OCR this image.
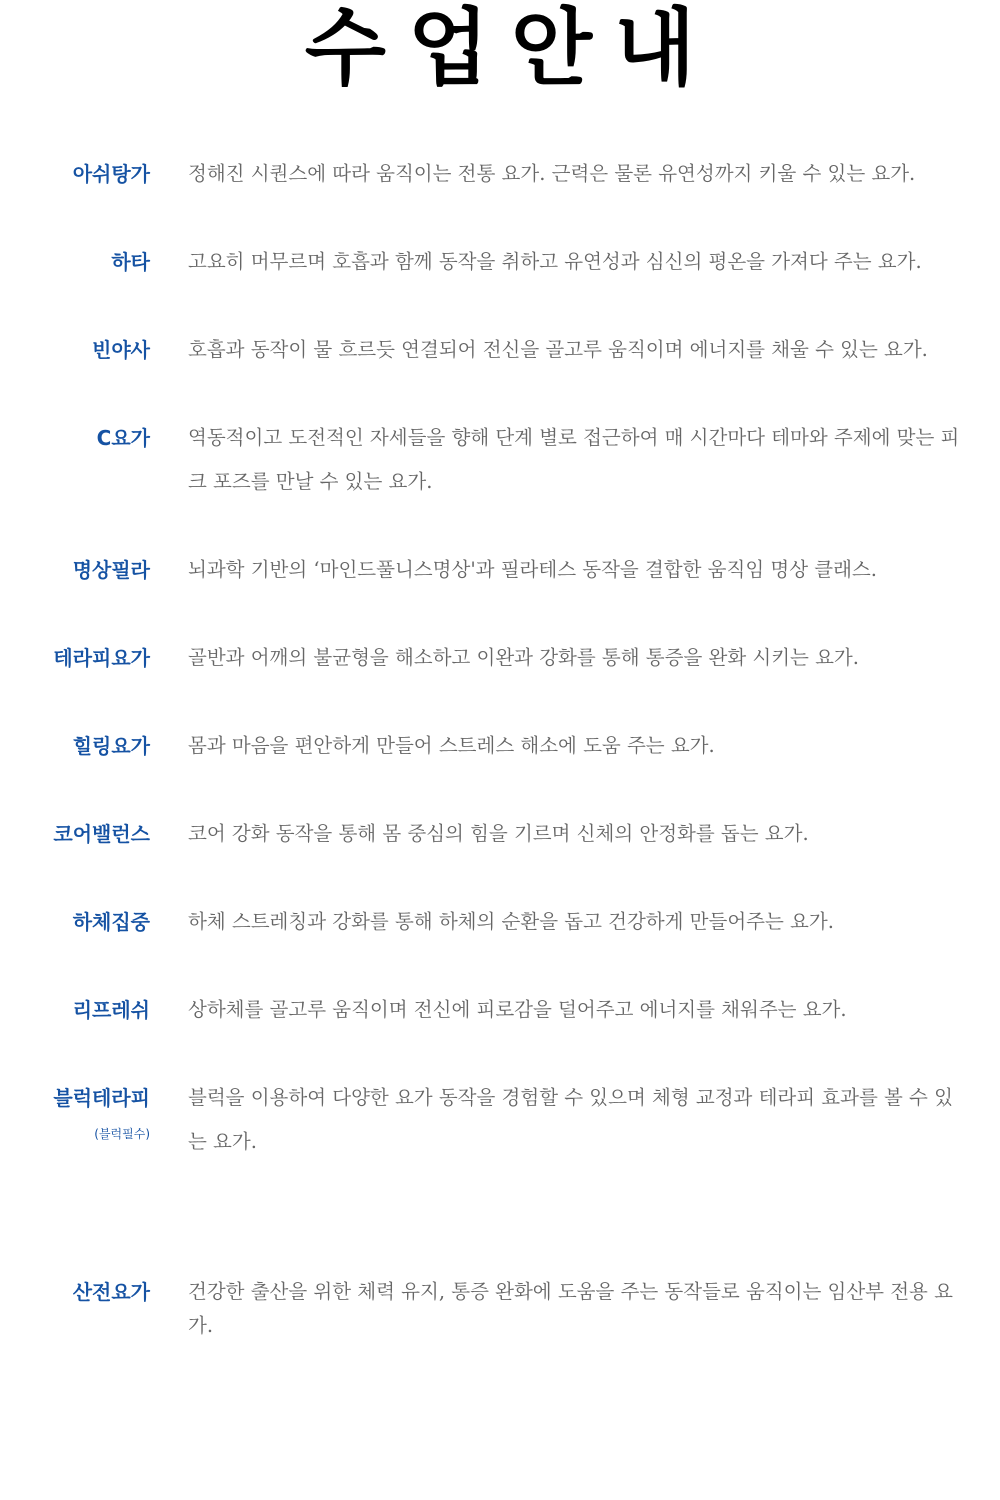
수업안내
아쉬탕가 정해진 시퀀스에 따라 움직이는 전통 요가. 근력은 물론 유연성까지 키울 수 있는 요가.
하타 고요히 머무르며 호흡과 함께 동작을 취하고 유연성과 심신의 평온을 가져다 주는 요가.
빈야사 호흡과 동작이 물 흐르듯 연결되어 전신을 골고루 움직이며 에너지를 채울 수 있는 요가.
C요가 역동적이고 도전적인 자세들을 향해 단계 별로 접근하여 매 시간마다 테마와 주제에 맞는 피크 포즈를 만날 수 있는 요가.
명상필라 뇌과학 기반의 ‘마인드풀니스명상'과 필라테스 동작을 결합한 움직임 명상 클래스.
테라피요가 골반과 어깨의 불균형을 해소하고 이완과 강화를 통해 통증을 완화 시키는 요가.
힐링요가 몸과 마음을 편안하게 만들어 스트레스 해소에 도움 주는 요가.
코어밸런스 코어 강화 동작을 통해 몸 중심의 힘을 기르며 신체의 안정화를 돕는 요가.
하체집중 하체 스트레칭과 강화를 통해 하체의 순환을 돕고 건강하게 만들어주는 요가.
리프레쉬 상하체를 골고루 움직이며 전신에 피로감을 덜어주고 에너지를 채워주는 요가.
블럭테라피
(블럭필수)
블럭을 이용하여 다양한 요가 동작을 경험할 수 있으며 체형 교정과 테라피 효과를 볼 수 있는 요가.
산전요가 건강한 출산을 위한 체력 유지, 통증 완화에 도움을 주는 동작들로 움직이는 임산부 전용 요가.
